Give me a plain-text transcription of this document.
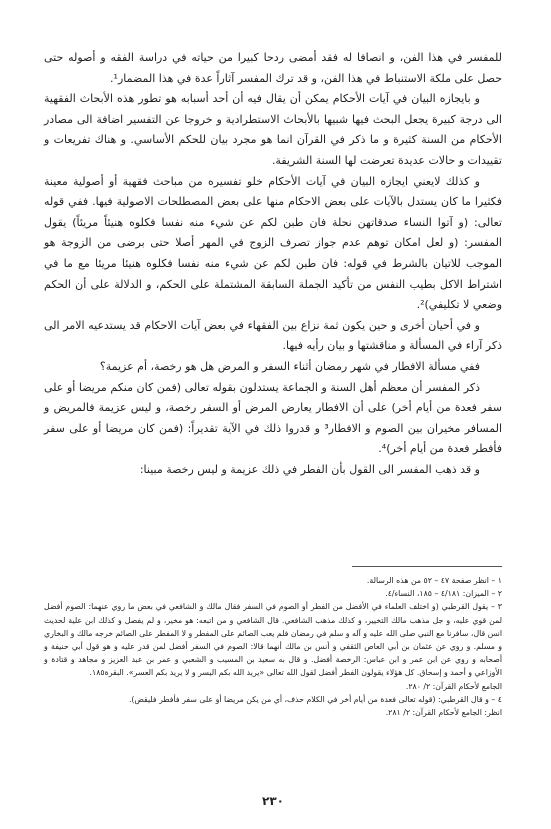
للمفسر في هذا الفن، و انصافا له فقد أمضى ردحا كبيرا من حياته في دراسة الفقه و أصوله حتى حصل على ملكة الاستنباط في هذا الفن، و قد ترك المفسر آثاراً عدة في هذا المضمار¹.

و بايجازه البيان في آيات الأحكام يمكن أن يقال فيه أن أحد أسبابه هو تطور هذه الأبحاث الفقهية الى درجة كبيرة يجعل البحث فيها شبيها بالأبحاث الاستطرادية و خروجا عن التفسير اضافة الى مصادر الأحكام من السنة كثيرة و ما ذكر في القرآن انما هو مجرد بيان للحكم الأساسي. و هناك تفريعات و تقييدات و حالات عديدة تعرضت لها السنة الشريفة.

و كذلك لايعني ايجازه البيان في آيات الأحكام خلو تفسيره من مباحث فقهية أو أصولية معينة فكثيرا ما كان يستدل بالآيات على بعض الاحكام منها على بعض المصطلحات الاصولية فيها. ففي قوله تعالى: (و آتوا النساء صدقاتهن نحلة فان طبن لكم عن شيء منه نفسا فكلوه هنيئاً مريئاً) يقول المفسر: (و لعل امكان توهم عدم جواز تصرف الزوج في المهر أصلا حتى برضى من الزوجة هو الموجب للاتيان بالشرط في قوله: فان طبن لكم عن شيء منه نفسا فكلوه هنيئا مريئا مع ما في اشتراط الاكل بطيب النفس من تأكيد الجملة السابقة المشتملة على الحكم، و الدلالة على أن الحكم وضعي لا تكليفي)².

و في أحيان أخرى و حين يكون ثمة نزاع بين الفقهاء في بعض آيات الاحكام قد يستدعيه الامر الى ذكر آراء في المسألة و مناقشتها و بيان رأيه فيها.

ففي مسألة الافطار في شهر رمضان أثناء السفر و المرض هل هو رخصة، أم عزيمة؟

ذكر المفسر أن معظم أهل السنة و الجماعة يستدلون بقوله تعالى (فمن كان منكم مريضا أو على سفر فعدة من أيام أخر) على أن الافطار يعارض المرض أو السفر رخصة، و ليس عزيمة فالمريض و المسافر مخيران بين الصوم و الافطار³ و قدروا ذلك في الآية تقديراً: (فمن كان مريضا أو على سفر فأفطر فعدة من أيام أخر)⁴.

و قد ذهب المفسر الى القول بأن الفطر في ذلك عزيمة و ليس رخصة مبينا:

١ – انظر صفحة ٤٧ – ٥٢ من هذه الرسالة.

٢ – الميزان: ٤/١٨١ – ١٨٥، النساء/٤.

٣ – يقول القرطبي (و اختلف العلماء في الأفضل من الفطر أو الصوم في السفر فقال مالك و الشافعي في بعض ما روي عنهما: الصوم أفضل لمن قوي عليه، و جل مذهب مالك التخيير، و كذلك مذهب الشافعي. قال الشافعي و من اتبعه: هو مخير، و لم يفصل و كذلك ابن علية لحديث انس قال، سافرنا مع النبي صلى الله عليه و آله و سلم في رمضان فلم يعب الصائم على المفطر و لا المفطر على الصائم خرجه مالك و البخاري و مسلم. و روي عن عثمان بن أبي العاص الثقفي و أنس بن مالك أنهما قالا: الصوم في السفر أفضل لمن قدر عليه و هو قول أبي حنيفة و أصحابه و روي عن ابن عمر و ابن عباس: الرخصة أفضل. و قال به سعيد بن المسيب و الشعبي و عمر بن عبد العزيز و مجاهد و قتادة و الأوزاعي و أحمد و إسحاق. كل هؤلاء يقولون الفطر أفضل لقول الله تعالى «يريد الله بكم اليسر و لا يريد بكم العسر». البقرة١٨٥.

الجامع لأحكام القرآن: ٢/ ٢٨٠.

٤ – و قال القرطبي: (قوله تعالى فعدة من أيام أخر في الكلام حذف، أي من يكن مريضا أو على سفر فأفطر فليقض).

انظر: الجامع لأحكام القرآن: ٢/ ٢٨١.

٢٣٠
